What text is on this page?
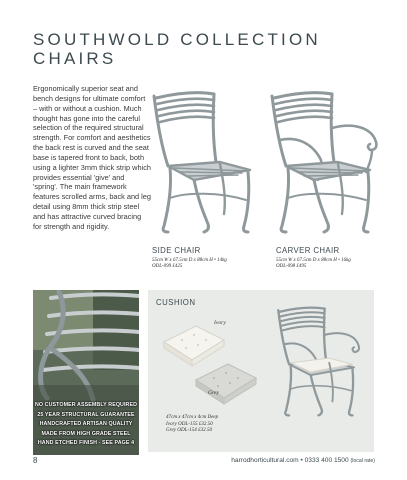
SOUTHWOLD COLLECTION
CHAIRS

Ergonomically superior seat and bench designs for ultimate comfort – with or without a cushion. Much thought has gone into the careful selection of the required structural strength. For comfort and aesthetics the back rest is curved and the seat base is tapered front to back, both using a lighter 3mm thick strip which provides essential 'give' and 'spring'. The main framework features scrolled arms, back and leg detail using 8mm thick strip steel and has attractive curved bracing for strength and rigidity.

SIDE CHAIR
55cm W x 67.5cm D x 88cm H • 14kg
ODL-099 £425
CARVER CHAIR
55cm W x 67.5cm D x 88cm H • 16kg
ODL-098 £495
NO CUSTOMER ASSEMBLY REQUIRED
25 YEAR STRUCTURAL GUARANTEE
HANDCRAFTED ARTISAN QUALITY
MADE FROM HIGH GRADE STEEL
HAND ETCHED FINISH - SEE PAGE 4
CUSHION
Ivory
Grey
47cm x 47cm x 4cm Deep
Ivory ODL-155 £32.50
Grey ODL-154 £32.50
8	harrodhorticultural.com • 0333 400 1500 (local rate)
